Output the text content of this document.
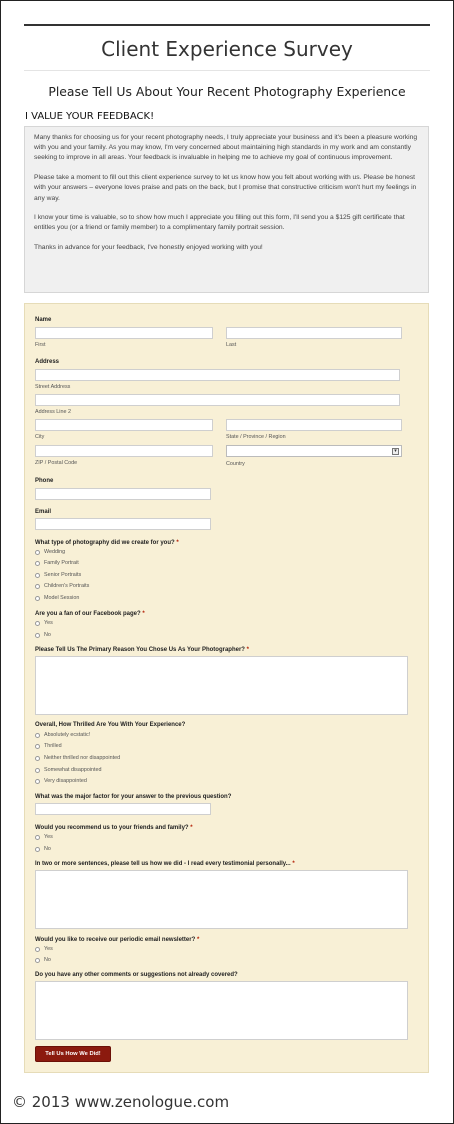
Client Experience Survey
Please Tell Us About Your Recent Photography Experience
I VALUE YOUR FEEDBACK!

Many thanks for choosing us for your recent photography needs, I truly appreciate your business and it's been a pleasure working with you and your family. As you may know, I'm very concerned about maintaining high standards in my work and am constantly seeking to improve in all areas. Your feedback is invaluable in helping me to achieve my goal of continuous improvement.

Please take a moment to fill out this client experience survey to let us know how you felt about working with us. Please be honest with your answers – everyone loves praise and pats on the back, but I promise that constructive criticism won't hurt my feelings in any way.

I know your time is valuable, so to show how much I appreciate you filling out this form, I'll send you a $125 gift certificate that entitles you (or a friend or family member) to a complimentary family portrait session.

Thanks in advance for your feedback, I've honestly enjoyed working with you!

Name
First	Last
Address
Street Address
Address Line 2
City	State / Province / Region
▾
ZIP / Postal Code	Country
Phone
Email
What type of photography did we create for you? *
Wedding
Family Portrait
Senior Portraits
Children's Portraits
Model Session
Are you a fan of our Facebook page? *
Yes
No
Please Tell Us The Primary Reason You Chose Us As Your Photographer? *
Overall, How Thrilled Are You With Your Experience?
Absolutely ecstatic!
Thrilled
Neither thrilled nor disappointed
Somewhat disappointed
Very disappointed
What was the major factor for your answer to the previous question?
Would you recommend us to your friends and family? *
Yes
No
In two or more sentences, please tell us how we did - I read every testimonial personally... *
Would you like to receive our periodic email newsletter? *
Yes
No
Do you have any other comments or suggestions not already covered?
Tell Us How We Did!
© 2013 www.zenologue.com
